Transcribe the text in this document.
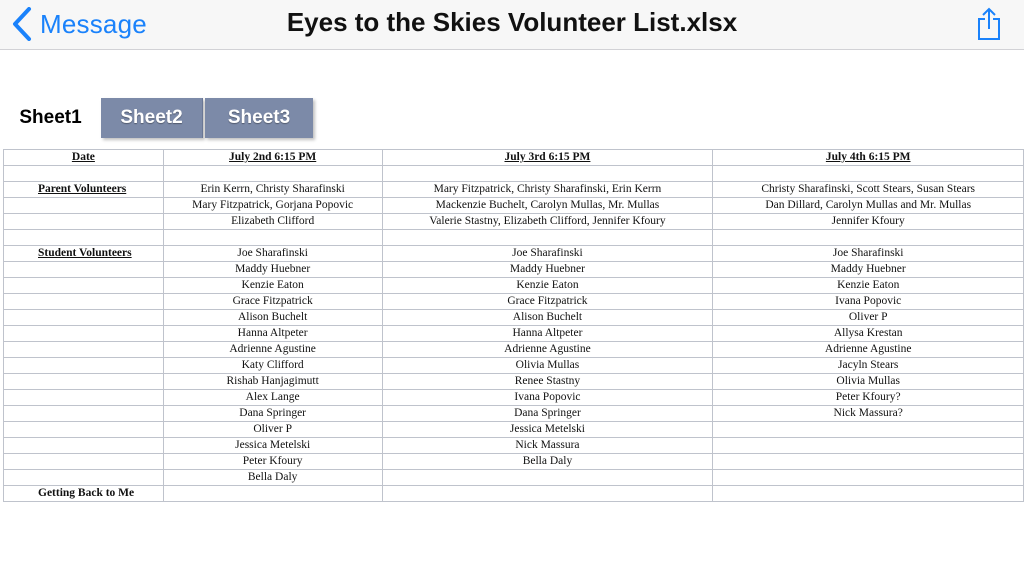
Message	Eyes to the Skies Volunteer List.xlsx
Sheet1	Sheet2	Sheet3
Date	July 2nd 6:15 PM	July 3rd 6:15 PM	July 4th 6:15 PM

Parent Volunteers	Erin Kerrn, Christy Sharafinski	Mary Fitzpatrick, Christy Sharafinski, Erin Kerrn	Christy Sharafinski, Scott Stears, Susan Stears
	Mary Fitzpatrick, Gorjana Popovic	Mackenzie Buchelt, Carolyn Mullas, Mr. Mullas	Dan Dillard, Carolyn Mullas and Mr. Mullas
	Elizabeth Clifford	Valerie Stastny, Elizabeth Clifford, Jennifer Kfoury	Jennifer Kfoury

Student Volunteers	Joe Sharafinski	Joe Sharafinski	Joe Sharafinski
	Maddy Huebner	Maddy Huebner	Maddy Huebner
	Kenzie Eaton	Kenzie Eaton	Kenzie Eaton
	Grace Fitzpatrick	Grace Fitzpatrick	Ivana Popovic
	Alison Buchelt	Alison Buchelt	Oliver P
	Hanna Altpeter	Hanna Altpeter	Allysa Krestan
	Adrienne Agustine	Adrienne Agustine	Adrienne Agustine
	Katy Clifford	Olivia Mullas	Jacyln Stears
	Rishab Hanjagimutt	Renee Stastny	Olivia Mullas
	Alex Lange	Ivana Popovic	Peter Kfoury?
	Dana Springer	Dana Springer	Nick Massura?
	Oliver P	Jessica Metelski	
	Jessica Metelski	Nick Massura	
	Peter Kfoury	Bella Daly	
	Bella Daly		
Getting Back to Me			
